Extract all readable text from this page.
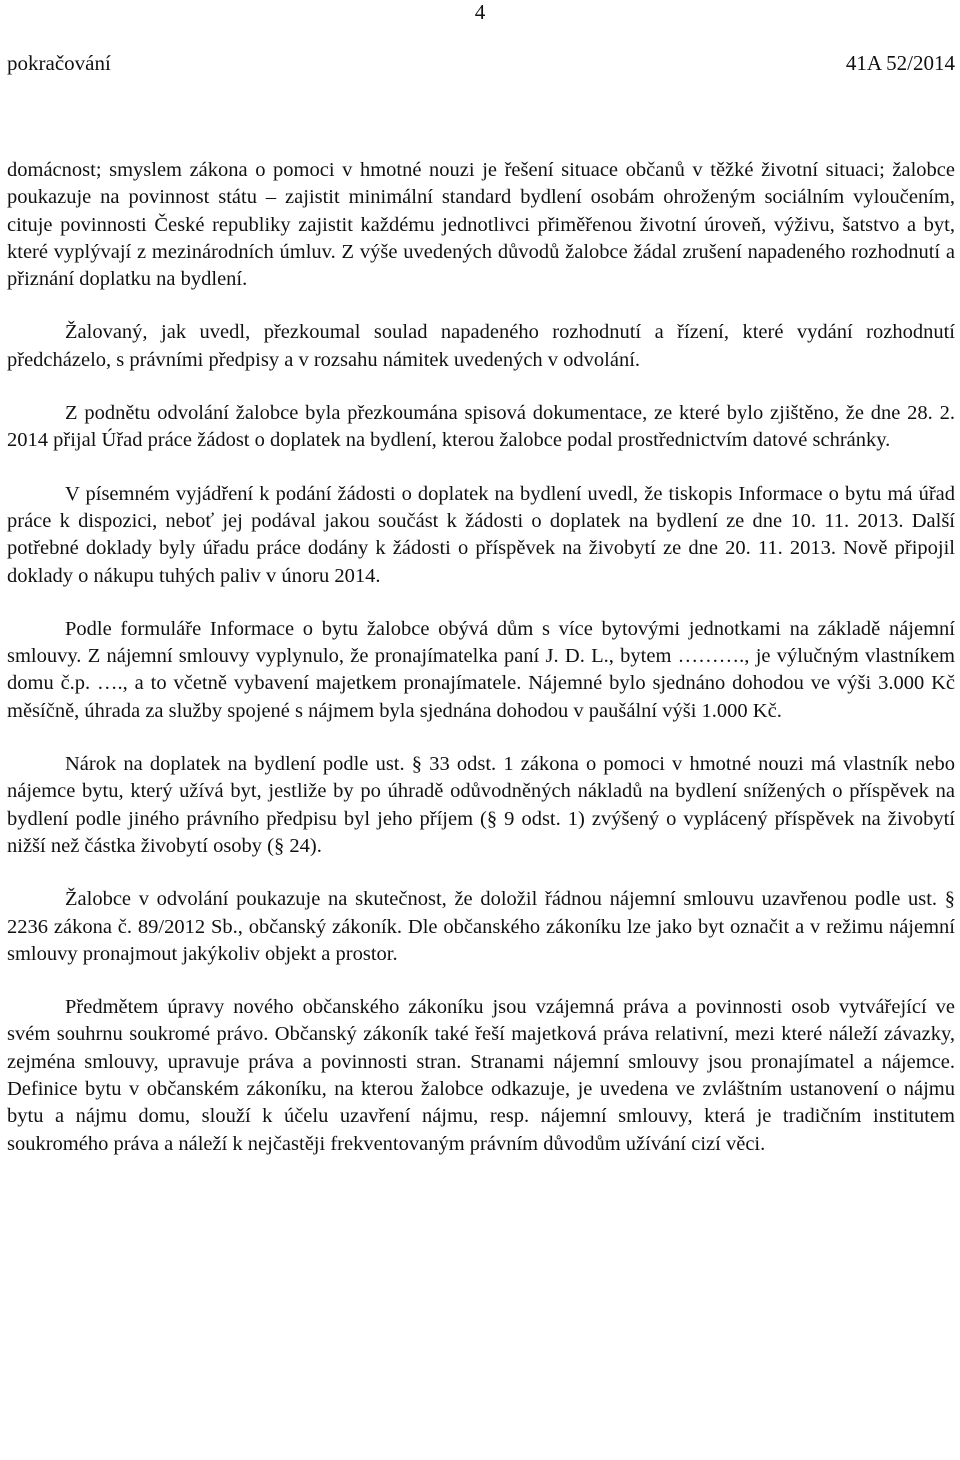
4
pokračování	41A 52/2014

domácnost; smyslem zákona o pomoci v hmotné nouzi je řešení situace občanů v těžké životní situaci; žalobce poukazuje na povinnost státu – zajistit minimální standard bydlení osobám ohroženým sociálním vyloučením, cituje povinnosti České republiky zajistit každému jednotlivci přiměřenou životní úroveň, výživu, šatstvo a byt, které vyplývají z mezinárodních úmluv. Z výše uvedených důvodů žalobce žádal zrušení napadeného rozhodnutí a přiznání doplatku na bydlení.

Žalovaný, jak uvedl, přezkoumal soulad napadeného rozhodnutí a řízení, které vydání rozhodnutí předcházelo, s právními předpisy a v rozsahu námitek uvedených v odvolání.

Z podnětu odvolání žalobce byla přezkoumána spisová dokumentace, ze které bylo zjištěno, že dne 28. 2. 2014 přijal Úřad práce žádost o doplatek na bydlení, kterou žalobce podal prostřednictvím datové schránky.

V písemném vyjádření k podání žádosti o doplatek na bydlení uvedl, že tiskopis Informace o bytu má úřad práce k dispozici, neboť jej podával jakou součást k žádosti o doplatek na bydlení ze dne 10. 11. 2013. Další potřebné doklady byly úřadu práce dodány k žádosti o příspěvek na živobytí ze dne 20. 11. 2013. Nově připojil doklady o nákupu tuhých paliv v únoru 2014.

Podle formuláře Informace o bytu žalobce obývá dům s více bytovými jednotkami na základě nájemní smlouvy. Z nájemní smlouvy vyplynulo, že pronajímatelka paní J. D. L., bytem ………., je výlučným vlastníkem domu č.p. …., a to včetně vybavení majetkem pronajímatele. Nájemné bylo sjednáno dohodou ve výši 3.000 Kč měsíčně, úhrada za služby spojené s nájmem byla sjednána dohodou v paušální výši 1.000 Kč.

Nárok na doplatek na bydlení podle ust. § 33 odst. 1 zákona o pomoci v hmotné nouzi má vlastník nebo nájemce bytu, který užívá byt, jestliže by po úhradě odůvodněných nákladů na bydlení snížených o příspěvek na bydlení podle jiného právního předpisu byl jeho příjem (§ 9 odst. 1) zvýšený o vyplácený příspěvek na živobytí nižší než částka živobytí osoby (§ 24).

Žalobce v odvolání poukazuje na skutečnost, že doložil řádnou nájemní smlouvu uzavřenou podle ust. § 2236 zákona č. 89/2012 Sb., občanský zákoník. Dle občanského zákoníku lze jako byt označit a v režimu nájemní smlouvy pronajmout jakýkoliv objekt a prostor.

Předmětem úpravy nového občanského zákoníku jsou vzájemná práva a povinnosti osob vytvářející ve svém souhrnu soukromé právo. Občanský zákoník také řeší majetková práva relativní, mezi které náleží závazky, zejména smlouvy, upravuje práva a povinnosti stran. Stranami nájemní smlouvy jsou pronajímatel a nájemce. Definice bytu v občanském zákoníku, na kterou žalobce odkazuje, je uvedena ve zvláštním ustanovení o nájmu bytu a nájmu domu, slouží k účelu uzavření nájmu, resp. nájemní smlouvy, která je tradičním institutem soukromého práva a náleží k nejčastěji frekventovaným právním důvodům užívání cizí věci.
